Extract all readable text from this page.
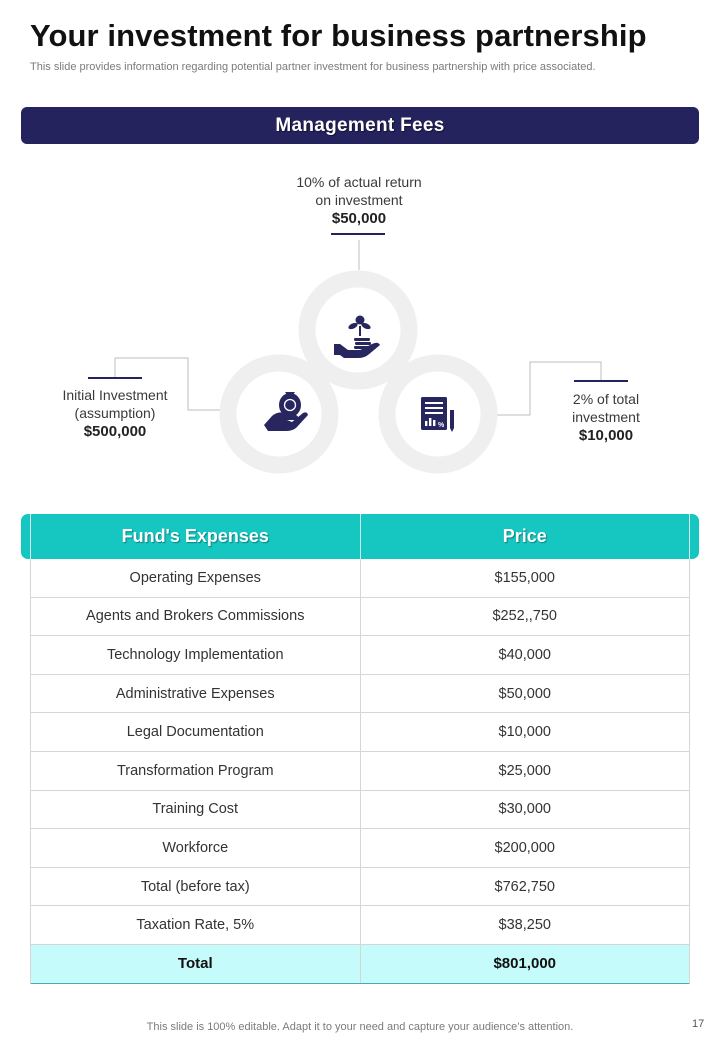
Your investment for business partnership
This slide provides information regarding potential partner investment for business partnership with price associated.
Management Fees
%
10% of actual return
on investment
$50,000
Initial Investment
(assumption)
$500,000
2% of total
investment
$10,000
Fund's Expenses	Price
Operating Expenses	$155,000
Agents and Brokers Commissions	$252,,750
Technology Implementation	$40,000
Administrative Expenses	$50,000
Legal Documentation	$10,000
Transformation Program	$25,000
Training Cost	$30,000
Workforce	$200,000
Total (before tax)	$762,750
Taxation Rate, 5%	$38,250
Total	$801,000
This slide is 100% editable. Adapt it to your need and capture your audience’s attention.	17
